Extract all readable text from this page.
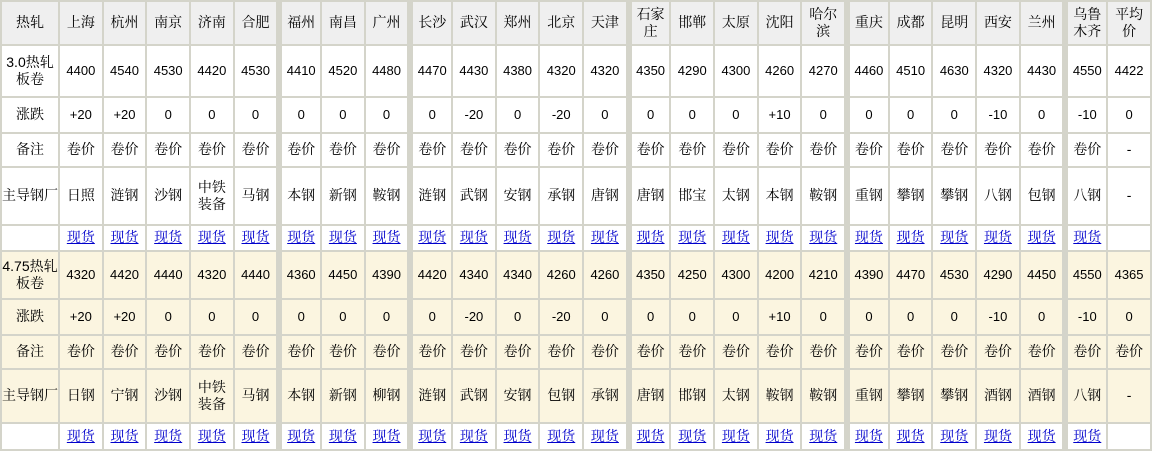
热轧	上海	杭州	南京	济南	合肥	福州	南昌	广州	长沙	武汉	郑州	北京	天津	石家庄	邯郸	太原	沈阳	哈尔滨	重庆	成都	昆明	西安	兰州	乌鲁木齐	平均价
3.0热轧板卷	4400	4540	4530	4420	4530	4410	4520	4480	4470	4430	4380	4320	4320	4350	4290	4300	4260	4270	4460	4510	4630	4320	4430	4550	4422
涨跌	+20	+20	0	0	0	0	0	0	0	-20	0	-20	0	0	0	0	+10	0	0	0	0	-10	0	-10	0
备注	卷价	卷价	卷价	卷价	卷价	卷价	卷价	卷价	卷价	卷价	卷价	卷价	卷价	卷价	卷价	卷价	卷价	卷价	卷价	卷价	卷价	卷价	卷价	卷价	-
主导钢厂	日照	涟钢	沙钢	中铁装备	马钢	本钢	新钢	鞍钢	涟钢	武钢	安钢	承钢	唐钢	唐钢	邯宝	太钢	本钢	鞍钢	重钢	攀钢	攀钢	八钢	包钢	八钢	-
	现货	现货	现货	现货	现货	现货	现货	现货	现货	现货	现货	现货	现货	现货	现货	现货	现货	现货	现货	现货	现货	现货	现货	现货	
4.75热轧板卷	4320	4420	4440	4320	4440	4360	4450	4390	4420	4340	4340	4260	4260	4350	4250	4300	4200	4210	4390	4470	4530	4290	4450	4550	4365
涨跌	+20	+20	0	0	0	0	0	0	0	-20	0	-20	0	0	0	0	+10	0	0	0	0	-10	0	-10	0
备注	卷价	卷价	卷价	卷价	卷价	卷价	卷价	卷价	卷价	卷价	卷价	卷价	卷价	卷价	卷价	卷价	卷价	卷价	卷价	卷价	卷价	卷价	卷价	卷价	卷价
主导钢厂	日钢	宁钢	沙钢	中铁装备	马钢	本钢	新钢	柳钢	涟钢	武钢	安钢	包钢	承钢	唐钢	邯钢	太钢	鞍钢	鞍钢	重钢	攀钢	攀钢	酒钢	酒钢	八钢	-
	现货	现货	现货	现货	现货	现货	现货	现货	现货	现货	现货	现货	现货	现货	现货	现货	现货	现货	现货	现货	现货	现货	现货	现货	
